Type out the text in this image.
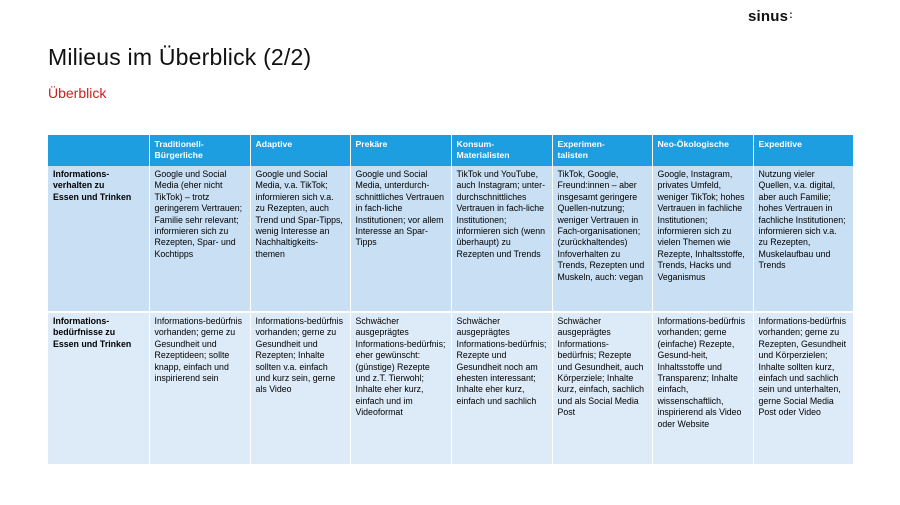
sinus:
Milieus im Überblick (2/2)
Überblick
	Traditionell-
Bürgerliche	Adaptive	Prekäre	Konsum-
Materialisten	Experimen-
talisten	Neo-Ökologische	Expeditive
Informations-
verhalten zu
Essen und Trinken	Google und Social Media (eher nicht TikTok) – trotz geringerem Vertrauen; Familie sehr relevant; informieren sich zu Rezepten, Spar- und Kochtipps	Google und Social Media, v.a. TikTok; informieren sich v.a. zu Rezepten, auch Trend und Spar-Tipps, wenig Interesse an Nachhaltigkeits-themen	Google und Social Media, unterdurch-schnittliches Vertrauen in fach-liche Institutionen; vor allem Interesse an Spar-Tipps	TikTok und YouTube, auch Instagram; unter-durchschnittliches Vertrauen in fach-liche Institutionen; informieren sich (wenn überhaupt) zu Rezepten und Trends	TikTok, Google, Freund:innen – aber insgesamt geringere Quellen-nutzung; weniger Vertrauen in Fach-organisationen; (zurückhaltendes) Infoverhalten zu Trends, Rezepten und Muskeln, auch: vegan	Google, Instagram, privates Umfeld, weniger TikTok; hohes Vertrauen in fachliche Institutionen; informieren sich zu vielen Themen wie Rezepte, Inhaltsstoffe, Trends, Hacks und Veganismus	Nutzung vieler Quellen, v.a. digital, aber auch Familie; hohes Vertrauen in fachliche Institutionen; informieren sich v.a. zu Rezepten, Muskelaufbau und Trends
Informations-
bedürfnisse zu
Essen und Trinken	Informations-bedürfnis vorhanden; gerne zu Gesundheit und Rezeptideen; sollte knapp, einfach und inspirierend sein	Informations-bedürfnis vorhanden; gerne zu Gesundheit und Rezepten; Inhalte sollten v.a. einfach und kurz sein, gerne als Video	Schwächer ausgeprägtes Informations-bedürfnis; eher gewünscht: (günstige) Rezepte und z.T. Tierwohl; Inhalte eher kurz, einfach und im Videoformat	Schwächer ausgeprägtes Informations-bedürfnis; Rezepte und Gesundheit noch am ehesten interessant; Inhalte eher kurz, einfach und sachlich	Schwächer ausgeprägtes Informations-bedürfnis; Rezepte und Gesundheit, auch Körperziele; Inhalte kurz, einfach, sachlich und als Social Media Post	Informations-bedürfnis vorhanden; gerne (einfache) Rezepte, Gesund-heit, Inhaltsstoffe und Transparenz; Inhalte einfach, wissenschaftlich, inspirierend als Video oder Website	Informations-bedürfnis vorhanden; gerne zu Rezepten, Gesundheit und Körperzielen; Inhalte sollten kurz, einfach und sachlich sein und unterhalten, gerne Social Media Post oder Video
